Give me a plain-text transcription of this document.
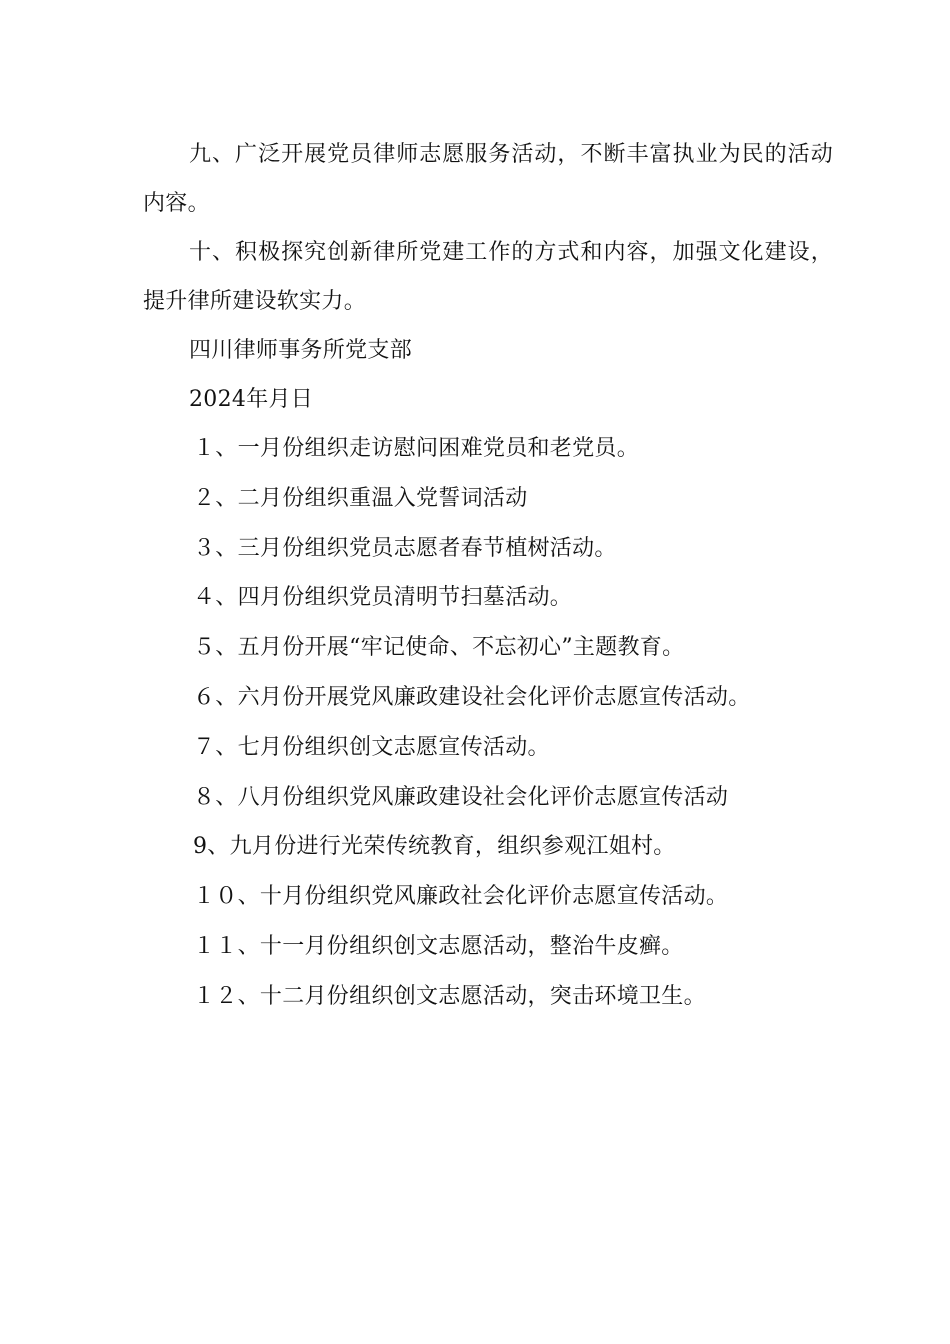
九、广泛开展党员律师志愿服务活动，不断丰富执业为民的活动内容。

十、积极探究创新律所党建工作的方式和内容，加强文化建设，提升律所建设软实力。

四川律师事务所党支部

2024年月日

１、一月份组织走访慰问困难党员和老党员。

２、二月份组织重温入党誓词活动

３、三月份组织党员志愿者春节植树活动。

４、四月份组织党员清明节扫墓活动。

５、五月份开展“牢记使命、不忘初心”主题教育。

６、六月份开展党风廉政建设社会化评价志愿宣传活动。

７、七月份组织创文志愿宣传活动。

８、八月份组织党风廉政建设社会化评价志愿宣传活动

9、九月份进行光荣传统教育，组织参观江姐村。

１０、十月份组织党风廉政社会化评价志愿宣传活动。

１１、十一月份组织创文志愿活动，整治牛皮癣。

１２、十二月份组织创文志愿活动，突击环境卫生。
